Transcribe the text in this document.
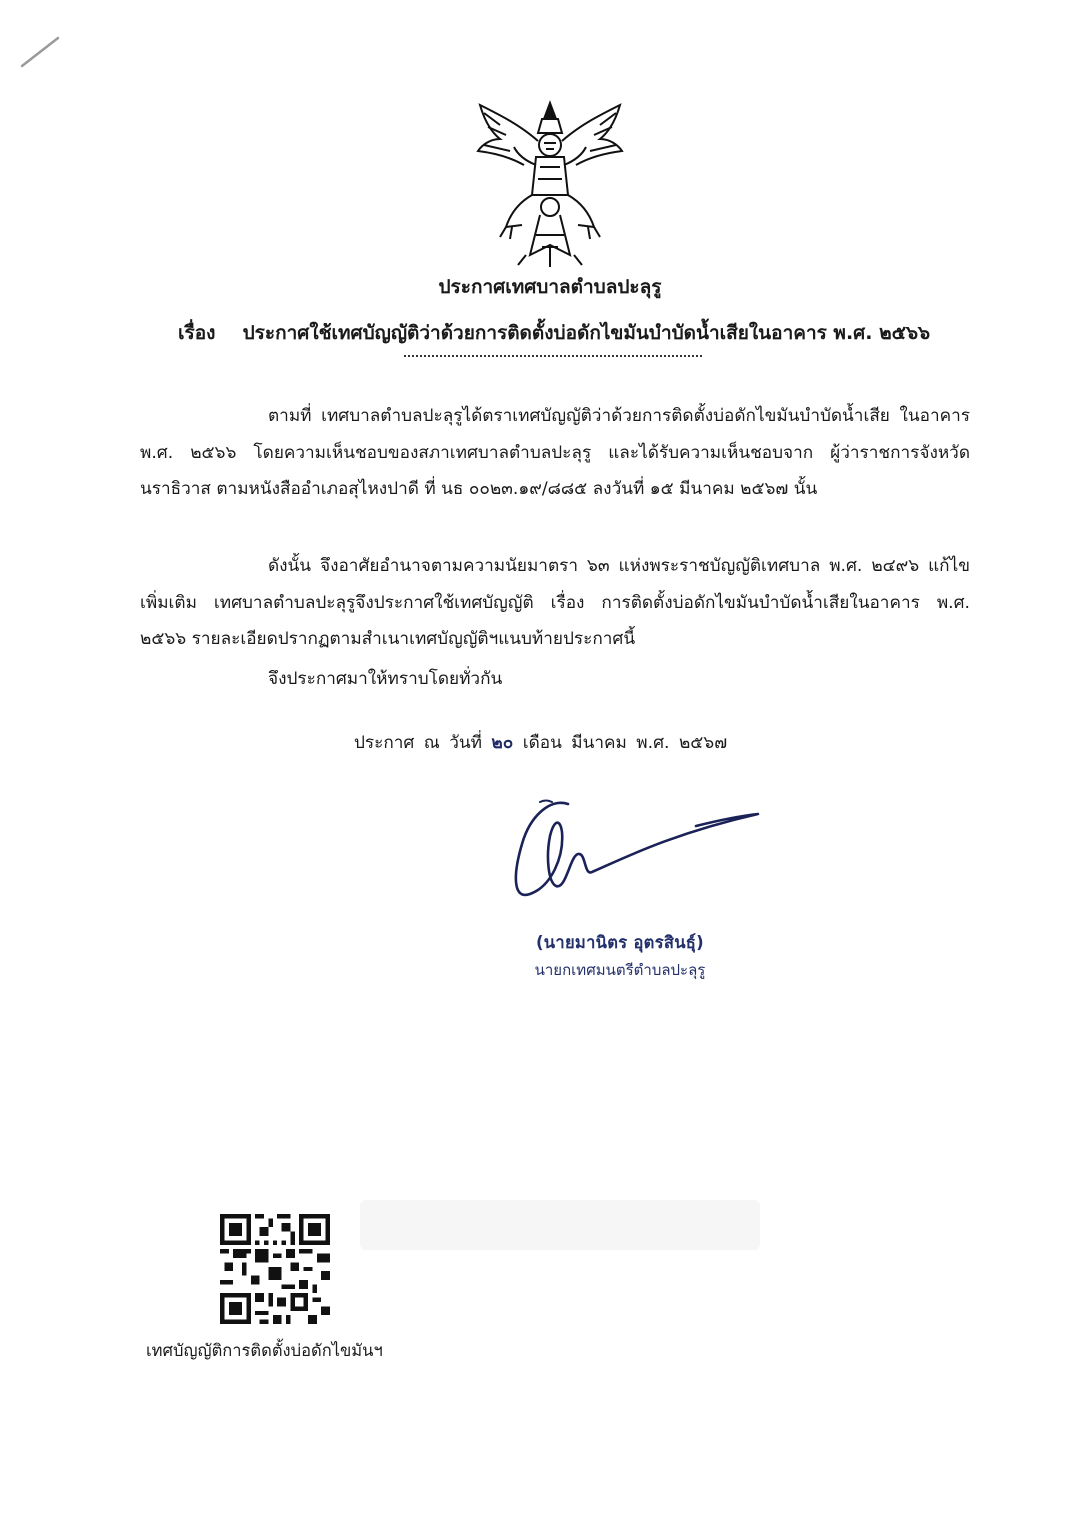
ประกาศเทศบาลตำบลปะลุรู
เรื่อง ประกาศใช้เทศบัญญัติว่าด้วยการติดตั้งบ่อดักไขมันบำบัดน้ำเสียในอาคาร พ.ศ. ๒๕๖๖
ตามที่ เทศบาลตำบลปะลุรูได้ตราเทศบัญญัติว่าด้วยการติดตั้งบ่อดักไขมันบำบัดน้ำเสีย ในอาคาร พ.ศ. ๒๕๖๖ โดยความเห็นชอบของสภาเทศบาลตำบลปะลุรู และได้รับความเห็นชอบจาก ผู้ว่าราชการจังหวัดนราธิวาส ตามหนังสืออำเภอสุไหงปาดี ที่ นธ ๐๐๒๓.๑๙/๘๘๕ ลงวันที่ ๑๕ มีนาคม ๒๕๖๗ นั้น
ดังนั้น จึงอาศัยอำนาจตามความนัยมาตรา ๖๓ แห่งพระราชบัญญัติเทศบาล พ.ศ. ๒๔๙๖ แก้ไขเพิ่มเติม เทศบาลตำบลปะลุรูจึงประกาศใช้เทศบัญญัติ เรื่อง การติดตั้งบ่อดักไขมันบำบัดน้ำเสียในอาคาร พ.ศ. ๒๕๖๖ รายละเอียดปรากฏตามสำเนาเทศบัญญัติฯแนบท้ายประกาศนี้
จึงประกาศมาให้ทราบโดยทั่วกัน
ประกาศ ณ วันที่ ๒๐ เดือน มีนาคม พ.ศ. ๒๕๖๗
(นายมานิตร อุตรสินธุ์)
นายกเทศมนตรีตำบลปะลุรู
เทศบัญญัติการติดตั้งบ่อดักไขมันฯ
